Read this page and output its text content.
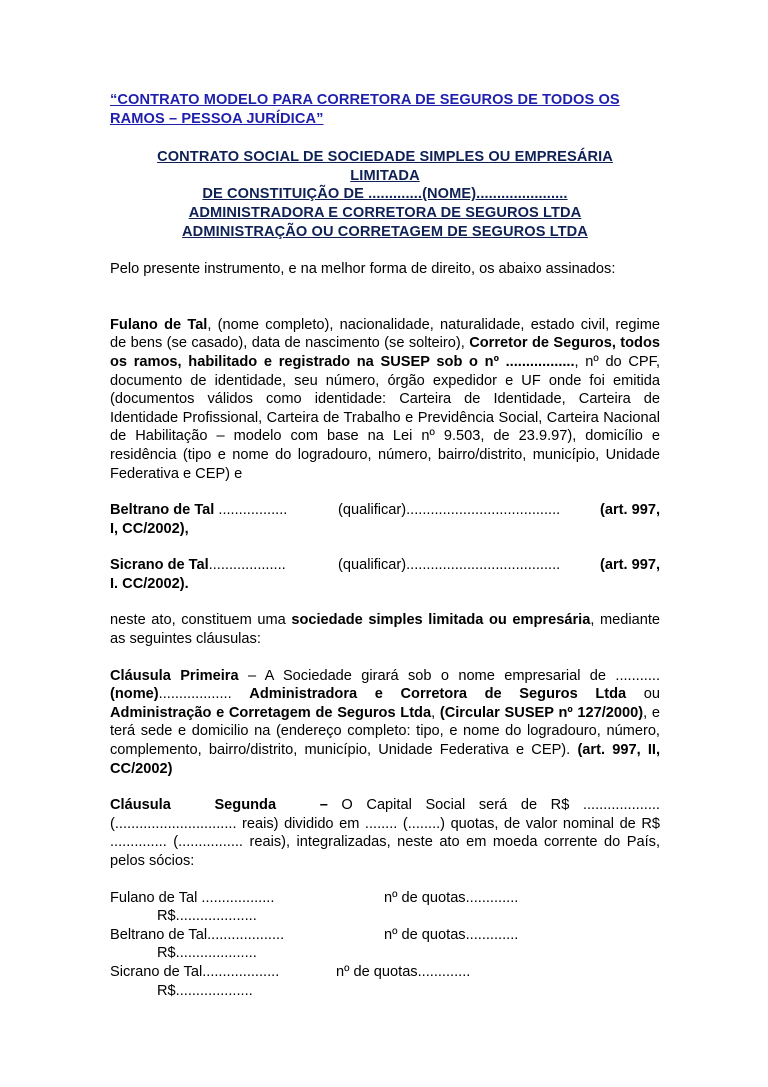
“CONTRATO MODELO PARA CORRETORA DE SEGUROS DE TODOS OS
RAMOS – PESSOA JURÍDICA”
CONTRATO SOCIAL DE SOCIEDADE SIMPLES OU EMPRESÁRIA
LIMITADA
DE CONSTITUIÇÃO DE .............(NOME)......................
ADMINISTRADORA E CORRETORA DE SEGUROS LTDA
ADMINISTRAÇÃO OU CORRETAGEM DE SEGUROS LTDA

Pelo presente instrumento, e na melhor forma de direito, os abaixo assinados:

Fulano de Tal, (nome completo), nacionalidade, naturalidade, estado civil, regime de bens (se casado), data de nascimento (se solteiro), Corretor de Seguros, todos os ramos, habilitado e registrado na SUSEP sob o nº ................., nº do CPF, documento de identidade, seu número, órgão expedidor e UF onde foi emitida (documentos válidos como identidade: Carteira de Identidade, Carteira de Identidade Profissional, Carteira de Trabalho e Previdência Social, Carteira Nacional de Habilitação – modelo com base na Lei nº 9.503, de 23.9.97), domicílio e residência (tipo e nome do logradouro, número, bairro/distrito, município, Unidade Federativa e CEP) e

Beltrano de Tal .................	(qualificar)......................................	(art. 997,
I, CC/2002),
Sicrano de Tal...................	(qualificar)......................................	(art. 997,
I. CC/2002).

neste ato, constituem uma sociedade simples limitada ou empresária, mediante as seguintes cláusulas:

Cláusula Primeira – A Sociedade girará sob o nome empresarial de ........... (nome).................. Administradora e Corretora de Seguros Ltda ou Administração e Corretagem de Seguros Ltda, (Circular SUSEP nº 127/2000), e terá sede e domicilio na (endereço completo: tipo, e nome do logradouro, número, complemento, bairro/distrito, município, Unidade Federativa e CEP). (art. 997, II, CC/2002)

Cláusula Segunda – O Capital Social será de R$ ................... (.............................. reais) dividido em ........ (........) quotas, de valor nominal de R$ .............. (................ reais), integralizadas, neste ato em moeda corrente do País, pelos sócios:

Fulano de Tal ..................	nº de quotas.............
R$....................
Beltrano de Tal...................	nº de quotas.............
R$....................
Sicrano de Tal...................	nº de quotas.............
R$...................
